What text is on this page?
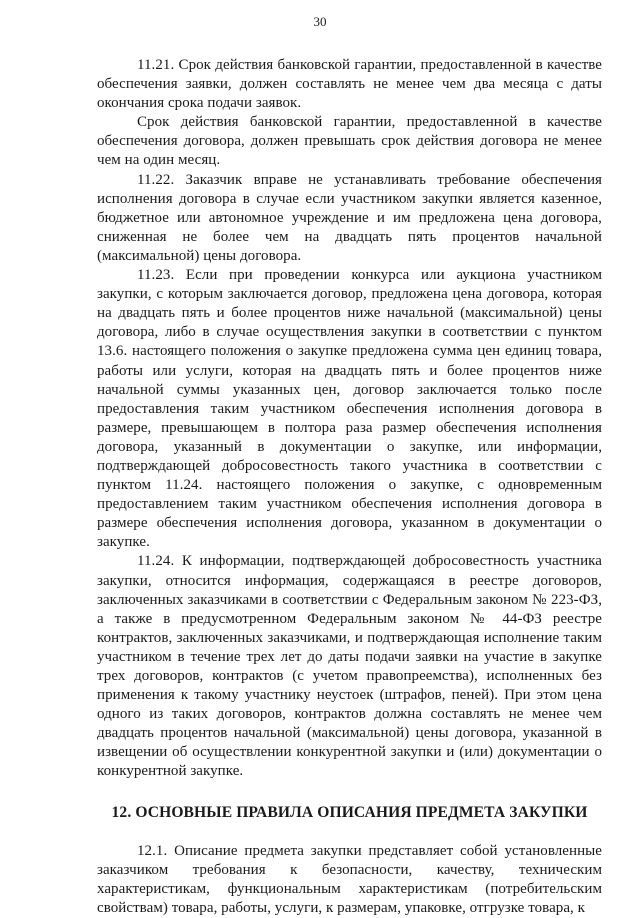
30

11.21. Срок действия банковской гарантии, предоставленной в качестве обеспечения заявки, должен составлять не менее чем два месяца с даты окончания срока подачи заявок.

Срок действия банковской гарантии, предоставленной в качестве обеспечения договора, должен превышать срок действия договора не менее чем на один месяц.

11.22. Заказчик вправе не устанавливать требование обеспечения исполнения договора в случае если участником закупки является казенное, бюджетное или автономное учреждение и им предложена цена договора, сниженная не более чем на двадцать пять процентов начальной (максимальной) цены договора.

11.23. Если при проведении конкурса или аукциона участником закупки, с которым заключается договор, предложена цена договора, которая на двадцать пять и более процентов ниже начальной (максимальной) цены договора, либо в случае осуществления закупки в соответствии с пунктом 13.6. настоящего положения о закупке предложена сумма цен единиц товара, работы или услуги, которая на двадцать пять и более процентов ниже начальной суммы указанных цен, договор заключается только после предоставления таким участником обеспечения исполнения договора в размере, превышающем в полтора раза размер обеспечения исполнения договора, указанный в документации о закупке, или информации, подтверждающей добросовестность такого участника в соответствии с пунктом 11.24. настоящего положения о закупке, с одновременным предоставлением таким участником обеспечения исполнения договора в размере обеспечения исполнения договора, указанном в документации о закупке.

11.24. К информации, подтверждающей добросовестность участника закупки, относится информация, содержащаяся в реестре договоров, заключенных заказчиками в соответствии с Федеральным законом № 223-ФЗ, а также в предусмотренном Федеральным законом № 44-ФЗ реестре контрактов, заключенных заказчиками, и подтверждающая исполнение таким участником в течение трех лет до даты подачи заявки на участие в закупке трех договоров, контрактов (с учетом правопреемства), исполненных без применения к такому участнику неустоек (штрафов, пеней). При этом цена одного из таких договоров, контрактов должна составлять не менее чем двадцать процентов начальной (максимальной) цены договора, указанной в извещении об осуществлении конкурентной закупки и (или) документации о конкурентной закупке.

12. ОСНОВНЫЕ ПРАВИЛА ОПИСАНИЯ ПРЕДМЕТА ЗАКУПКИ

12.1. Описание предмета закупки представляет собой установленные заказчиком требования к безопасности, качеству, техническим характеристикам, функциональным характеристикам (потребительским свойствам) товара, работы, услуги, к размерам, упаковке, отгрузке товара, к
